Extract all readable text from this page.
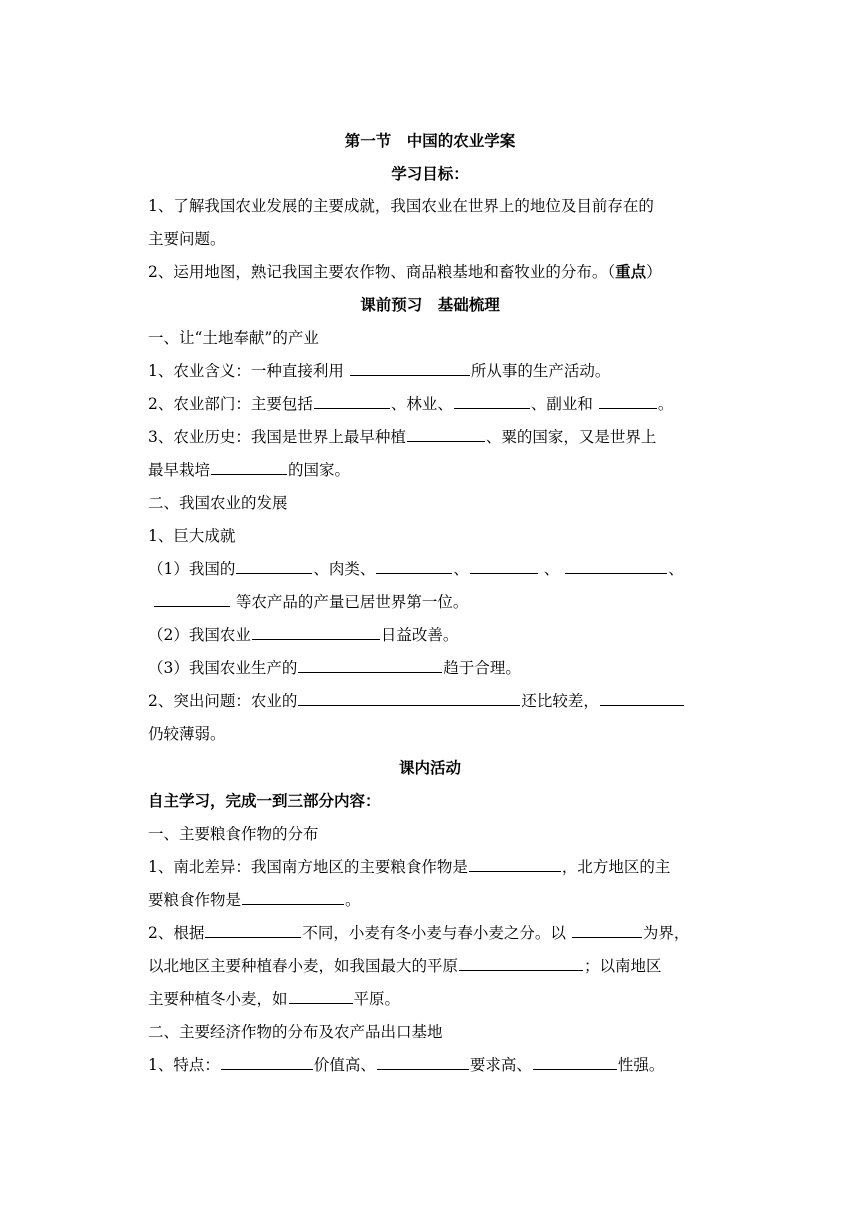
第一节　中国的农业学案
学习目标：
1、了解我国农业发展的主要成就，我国农业在世界上的地位及目前存在的
主要问题。
2、运用地图，熟记我国主要农作物、商品粮基地和畜牧业的分布。（重点）
课前预习　基础梳理
一、让“土地奉献”的产业
1、农业含义：一种直接利用	所从事的生产活动。
2、农业部门：主要包括	、林业、	、副业和	。
3、农业历史：我国是世界上最早种植	、粟的国家，又是世界上
最早栽培	的国家。
二、我国农业的发展
1、巨大成就
（1）我国的	、肉类、	、	、	、
等农产品的产量已居世界第一位。
（2）我国农业	日益改善。
（3）我国农业生产的	趋于合理。
2、突出问题：农业的	还比较差，
仍较薄弱。
课内活动
自主学习，完成一到三部分内容：
一、主要粮食作物的分布
1、南北差异：我国南方地区的主要粮食作物是	，北方地区的主
要粮食作物是	。
2、根据	不同，小麦有冬小麦与春小麦之分。以	为界，
以北地区主要种植春小麦，如我国最大的平原	；以南地区
主要种植冬小麦，如	平原。
二、主要经济作物的分布及农产品出口基地
1、特点：	价值高、	要求高、	性强。
